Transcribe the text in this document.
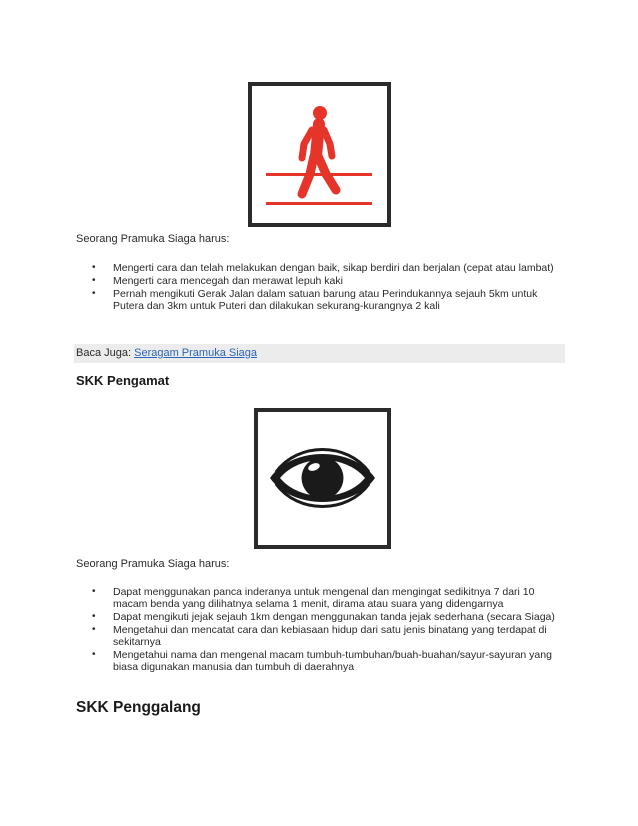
Seorang Pramuka Siaga harus:

• Mengerti cara dan telah melakukan dengan baik, sikap berdiri dan berjalan (cepat atau lambat)
• Mengerti cara mencegah dan merawat lepuh kaki
• Pernah mengikuti Gerak Jalan dalam satuan barung atau Perindukannya sejauh 5km untuk Putera dan 3km untuk Puteri dan dilakukan sekurang-kurangnya 2 kali
Baca Juga: Seragam Pramuka Siaga
SKK Pengamat

Seorang Pramuka Siaga harus:

• Dapat menggunakan panca inderanya untuk mengenal dan mengingat sedikitnya 7 dari 10 macam benda yang dilihatnya selama 1 menit, dirama atau suara yang didengarnya
• Dapat mengikuti jejak sejauh 1km dengan menggunakan tanda jejak sederhana (secara Siaga)
• Mengetahui dan mencatat cara dan kebiasaan hidup dari satu jenis binatang yang terdapat di sekitarnya
• Mengetahui nama dan mengenal macam tumbuh-tumbuhan/buah-buahan/sayur-sayuran yang biasa digunakan manusia dan tumbuh di daerahnya
SKK Penggalang
